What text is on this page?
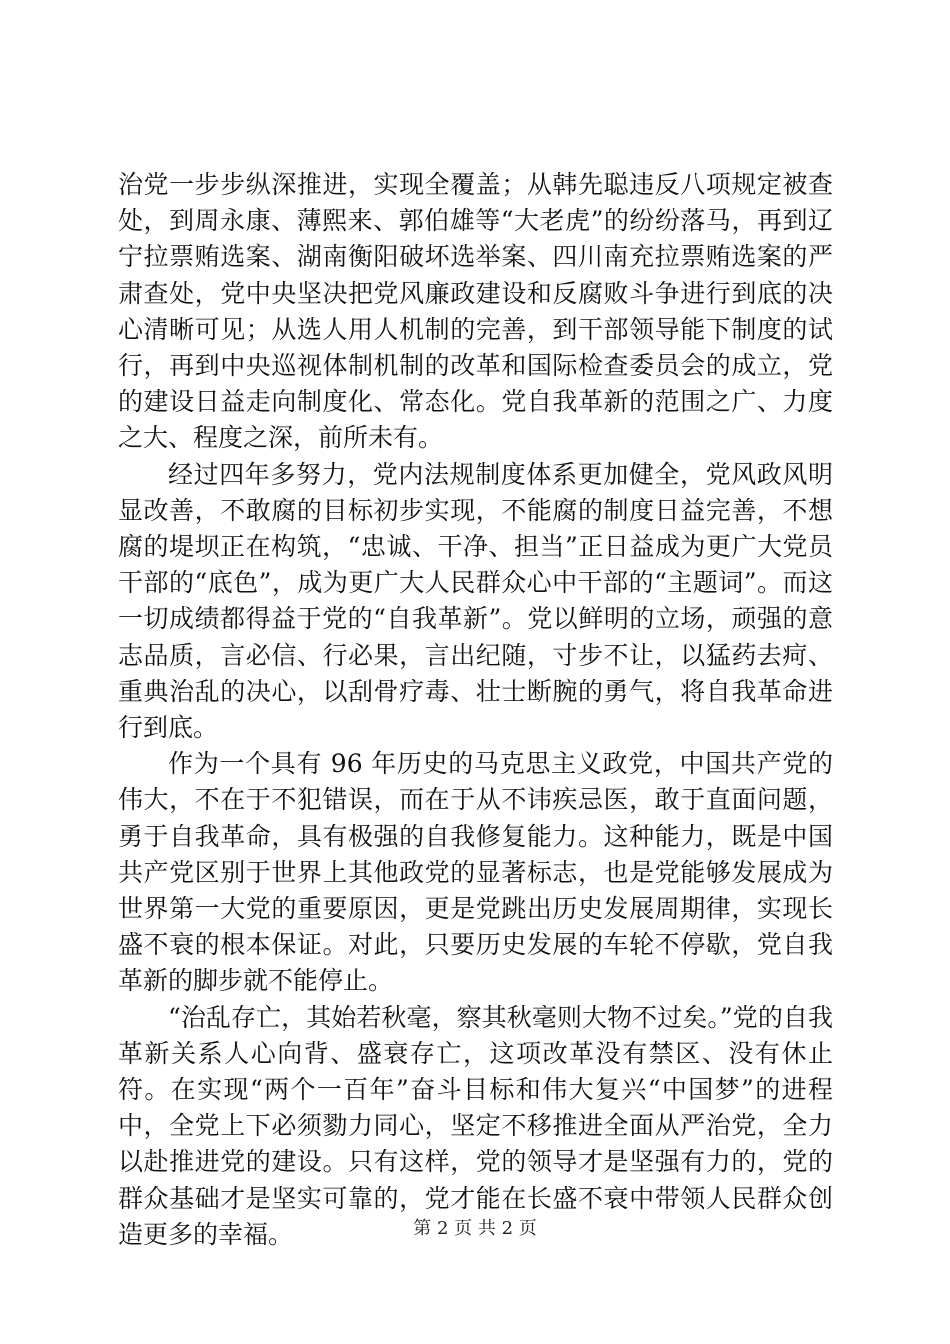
治党一步步纵深推进，实现全覆盖；从韩先聪违反八项规定被查处，到周永康、薄熙来、郭伯雄等“大老虎”的纷纷落马，再到辽宁拉票贿选案、湖南衡阳破坏选举案、四川南充拉票贿选案的严肃查处，党中央坚决把党风廉政建设和反腐败斗争进行到底的决心清晰可见；从选人用人机制的完善，到干部领导能下制度的试行，再到中央巡视体制机制的改革和国际检查委员会的成立，党的建设日益走向制度化、常态化。党自我革新的范围之广、力度之大、程度之深，前所未有。

经过四年多努力，党内法规制度体系更加健全，党风政风明显改善，不敢腐的目标初步实现，不能腐的制度日益完善，不想腐的堤坝正在构筑，“忠诚、干净、担当”正日益成为更广大党员干部的“底色”，成为更广大人民群众心中干部的“主题词”。而这一切成绩都得益于党的“自我革新”。党以鲜明的立场，顽强的意志品质，言必信、行必果，言出纪随，寸步不让，以猛药去疴、重典治乱的决心，以刮骨疗毒、壮士断腕的勇气，将自我革命进行到底。

作为一个具有 96 年历史的马克思主义政党，中国共产党的伟大，不在于不犯错误，而在于从不讳疾忌医，敢于直面问题，勇于自我革命，具有极强的自我修复能力。这种能力，既是中国共产党区别于世界上其他政党的显著标志，也是党能够发展成为世界第一大党的重要原因，更是党跳出历史发展周期律，实现长盛不衰的根本保证。对此，只要历史发展的车轮不停歇，党自我革新的脚步就不能停止。

“治乱存亡，其始若秋毫，察其秋毫则大物不过矣。”党的自我革新关系人心向背、盛衰存亡，这项改革没有禁区、没有休止符。在实现“两个一百年”奋斗目标和伟大复兴“中国梦”的进程中，全党上下必须勠力同心，坚定不移推进全面从严治党，全力以赴推进党的建设。只有这样，党的领导才是坚强有力的，党的群众基础才是坚实可靠的，党才能在长盛不衰中带领人民群众创造更多的幸福。	第 2 页 共 2 页
